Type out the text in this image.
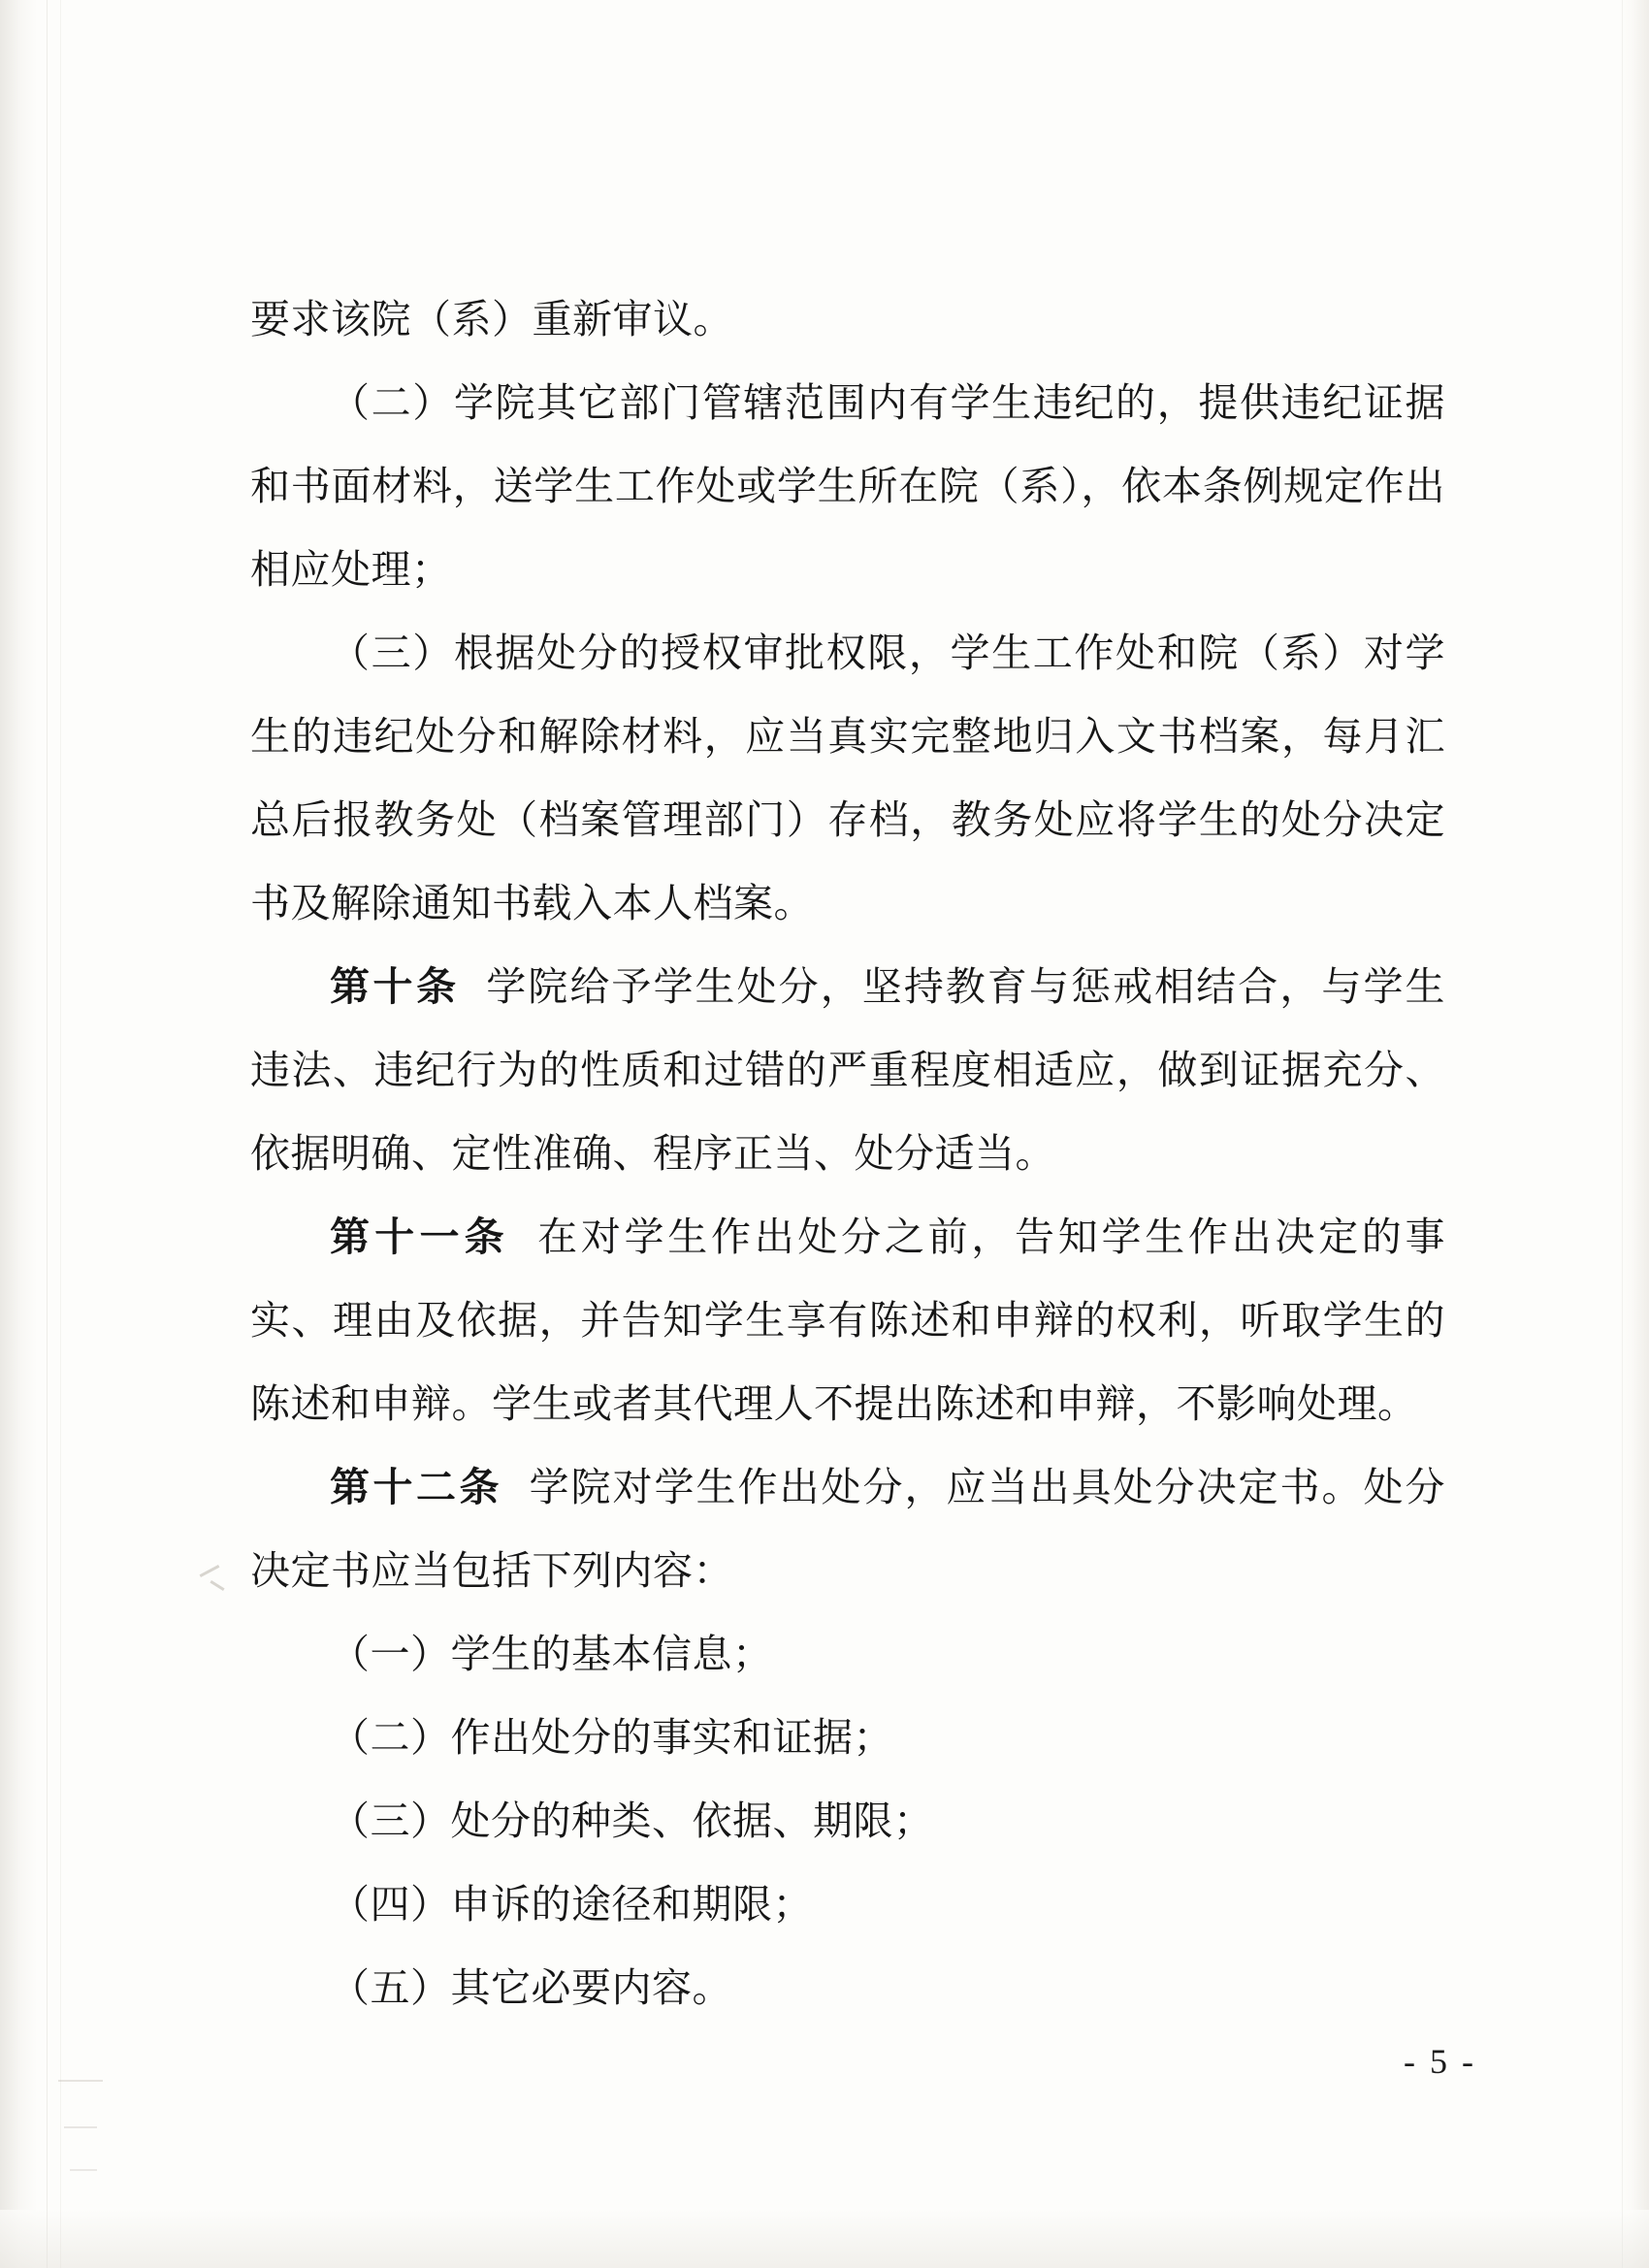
要求该院（系）重新审议。

（二）学院其它部门管辖范围内有学生违纪的，提供违纪证据和书面材料，送学生工作处或学生所在院（系），依本条例规定作出相应处理；

（三）根据处分的授权审批权限，学生工作处和院（系）对学生的违纪处分和解除材料，应当真实完整地归入文书档案，每月汇总后报教务处（档案管理部门）存档，教务处应将学生的处分决定书及解除通知书载入本人档案。

第十条 学院给予学生处分，坚持教育与惩戒相结合，与学生违法、违纪行为的性质和过错的严重程度相适应，做到证据充分、依据明确、定性准确、程序正当、处分适当。

第十一条 在对学生作出处分之前，告知学生作出决定的事实、理由及依据，并告知学生享有陈述和申辩的权利，听取学生的陈述和申辩。学生或者其代理人不提出陈述和申辩，不影响处理。

第十二条 学院对学生作出处分，应当出具处分决定书。处分决定书应当包括下列内容：

（一）学生的基本信息；

（二）作出处分的事实和证据；

（三）处分的种类、依据、期限；

（四）申诉的途径和期限；

（五）其它必要内容。

- 5 -
